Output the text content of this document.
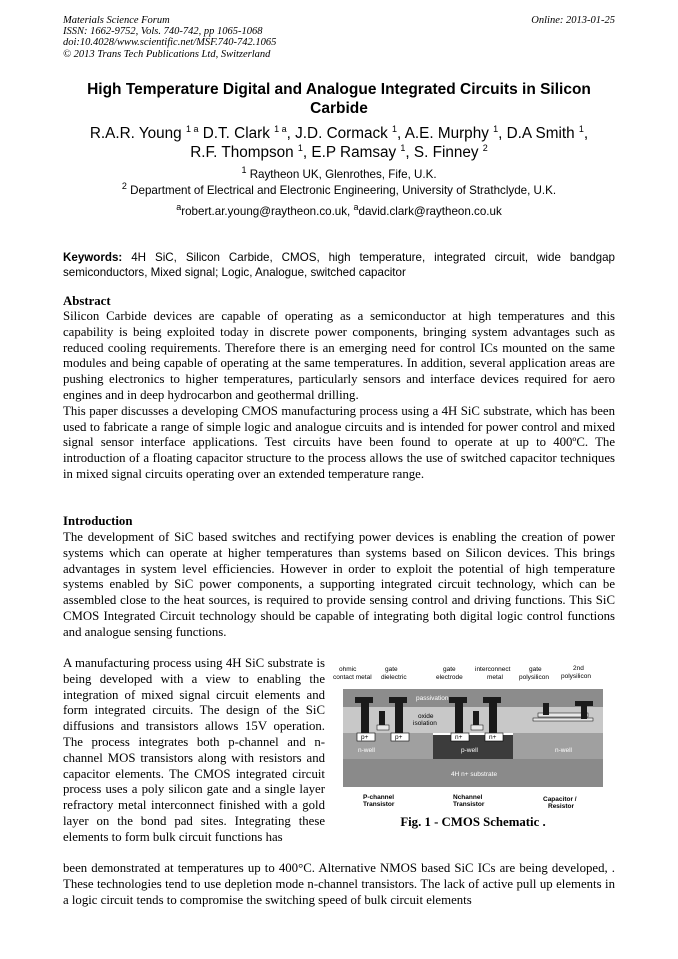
Materials Science Forum
ISSN: 1662-9752, Vols. 740-742, pp 1065-1068
doi:10.4028/www.scientific.net/MSF.740-742.1065
© 2013 Trans Tech Publications Ltd, Switzerland
Online: 2013-01-25
High Temperature Digital and Analogue Integrated Circuits in Silicon
Carbide
R.A.R. Young $^{1 a}$ D.T. Clark $^{1 a}$, J.D. Cormack $^1$, A.E. Murphy $^1$, D.A Smith $^1$,
R.F. Thompson $^1$, E.P Ramsay $^1$, S. Finney $^2$
$^1$ Raytheon UK, Glenrothes, Fife, U.K.
$^2$ Department of Electrical and Electronic Engineering, University of Strathclyde, U.K.
$^a$robert.ar.young@raytheon.co.uk, $^a$david.clark@raytheon.co.uk
Keywords: 4H SiC, Silicon Carbide, CMOS, high temperature, integrated circuit, wide bandgap semiconductors, Mixed signal; Logic, Analogue, switched capacitor
Abstract

Silicon Carbide devices are capable of operating as a semiconductor at high temperatures and this capability is being exploited today in discrete power components, bringing system advantages such as reduced cooling requirements. Therefore there is an emerging need for control ICs mounted on the same modules and being capable of operating at the same temperatures. In addition, several application areas are pushing electronics to higher temperatures, particularly sensors and interface devices required for aero engines and in deep hydrocarbon and geothermal drilling.

This paper discusses a developing CMOS manufacturing process using a 4H SiC substrate, which has been used to fabricate a range of simple logic and analogue circuits and is intended for power control and mixed signal sensor interface applications. Test circuits have been found to operate at up to 400ºC. The introduction of a floating capacitor structure to the process allows the use of switched capacitor techniques in mixed signal circuits operating over an extended temperature range.

Introduction

The development of SiC based switches and rectifying power devices is enabling the creation of power systems which can operate at higher temperatures than systems based on Silicon devices. This brings advantages in system level efficiencies. However in order to exploit the potential of high temperature systems enabled by SiC power components, a supporting integrated circuit technology, which can be assembled close to the heat sources, is required to provide sensing control and driving functions. This SiC CMOS Integrated Circuit technology should be capable of integrating both digital logic control functions and analogue sensing functions.

A manufacturing process using 4H SiC substrate is being developed with a view to enabling the integration of mixed signal circuit elements and form integrated circuits. The design of the SiC diffusions and transistors allows 15V operation. The process integrates both p-channel and n-channel MOS transistors along with resistors and capacitor elements. The CMOS integrated circuit process uses a poly silicon gate and a single layer refractory metal interconnect finished with a gold layer on the bond pad sites. Integrating these elements to form bulk circuit functions has
ohmic
contact metal
gate
dielectric
gate
electrode
interconnect
metal
gate
polysilicon
2nd
polysilicon
passivation
oxide
isolation
p+	p+	n+	n+
n-well	p-well	n-well
4H n+ substrate
P-channel
Transistor
Nchannel
Transistor
Capacitor /
Resistor
Fig. 1 - CMOS Schematic .
been demonstrated at temperatures up to 400°C. Alternative NMOS based SiC ICs are being developed, . These technologies tend to use depletion mode n-channel transistors. The lack of active pull up elements in a logic circuit tends to compromise the switching speed of bulk circuit elements
